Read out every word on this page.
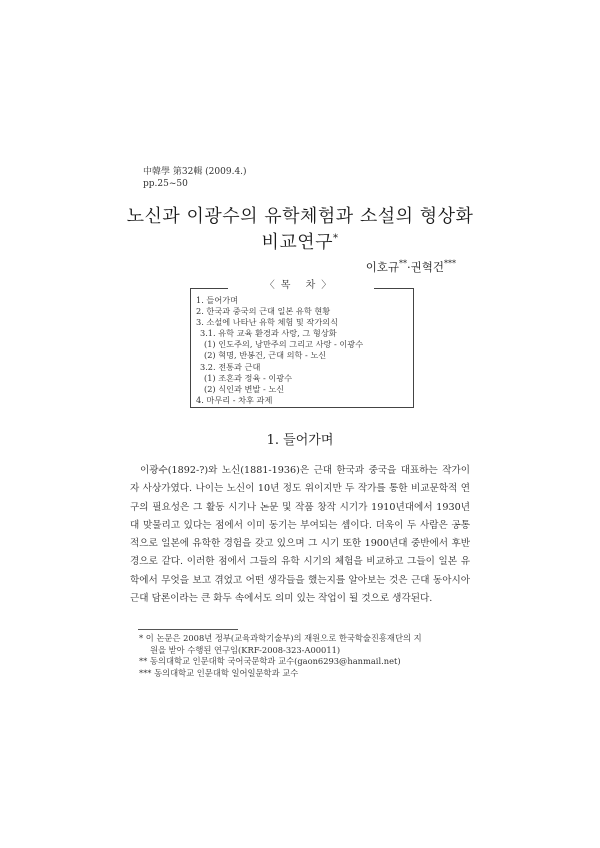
中韓學 第32輯 (2009.4.)
pp.25~50
노신과 이광수의 유학체험과 소설의 형상화
비교연구*
이호규**·권혁건***
〈목 차〉
1. 들어가며
2. 한국과 중국의 근대 일본 유학 현황
3. 소설에 나타난 유학 체험 및 작가의식
3.1. 유학 교육 환경과 사랑, 그 형상화
(1) 인도주의, 낭만주의 그리고 사랑 - 이광수
(2) 혁명, 반봉건, 근대 의학 - 노신
3.2. 전통과 근대
(1) 조혼과 정육 - 이광수
(2) 식인과 변발 - 노신
4. 마무리 - 차후 과제
1. 들어가며

이광수(1892-?)와 노신(1881-1936)은 근대 한국과 중국을 대표하는 작가이자 사상가였다. 나이는 노신이 10년 정도 위이지만 두 작가를 통한 비교문학적 연구의 필요성은 그 활동 시기나 논문 및 작품 창작 시기가 1910년대에서 1930년대 맞물리고 있다는 점에서 이미 동기는 부여되는 셈이다. 더욱이 두 사람은 공통적으로 일본에 유학한 경험을 갖고 있으며 그 시기 또한 1900년대 중반에서 후반 경으로 같다. 이러한 점에서 그들의 유학 시기의 체험을 비교하고 그들이 일본 유학에서 무엇을 보고 겪었고 어떤 생각들을 했는지를 알아보는 것은 근대 동아시아 근대 담론이라는 큰 화두 속에서도 의미 있는 작업이 될 것으로 생각된다.

* 이 논문은 2008년 정부(교육과학기술부)의 재원으로 한국학술진흥재단의 지
원을 받아 수행된 연구임(KRF-2008-323-A00011)

** 동의대학교 인문대학 국어국문학과 교수(gaon6293@hanmail.net)

*** 동의대학교 인문대학 일어일문학과 교수
